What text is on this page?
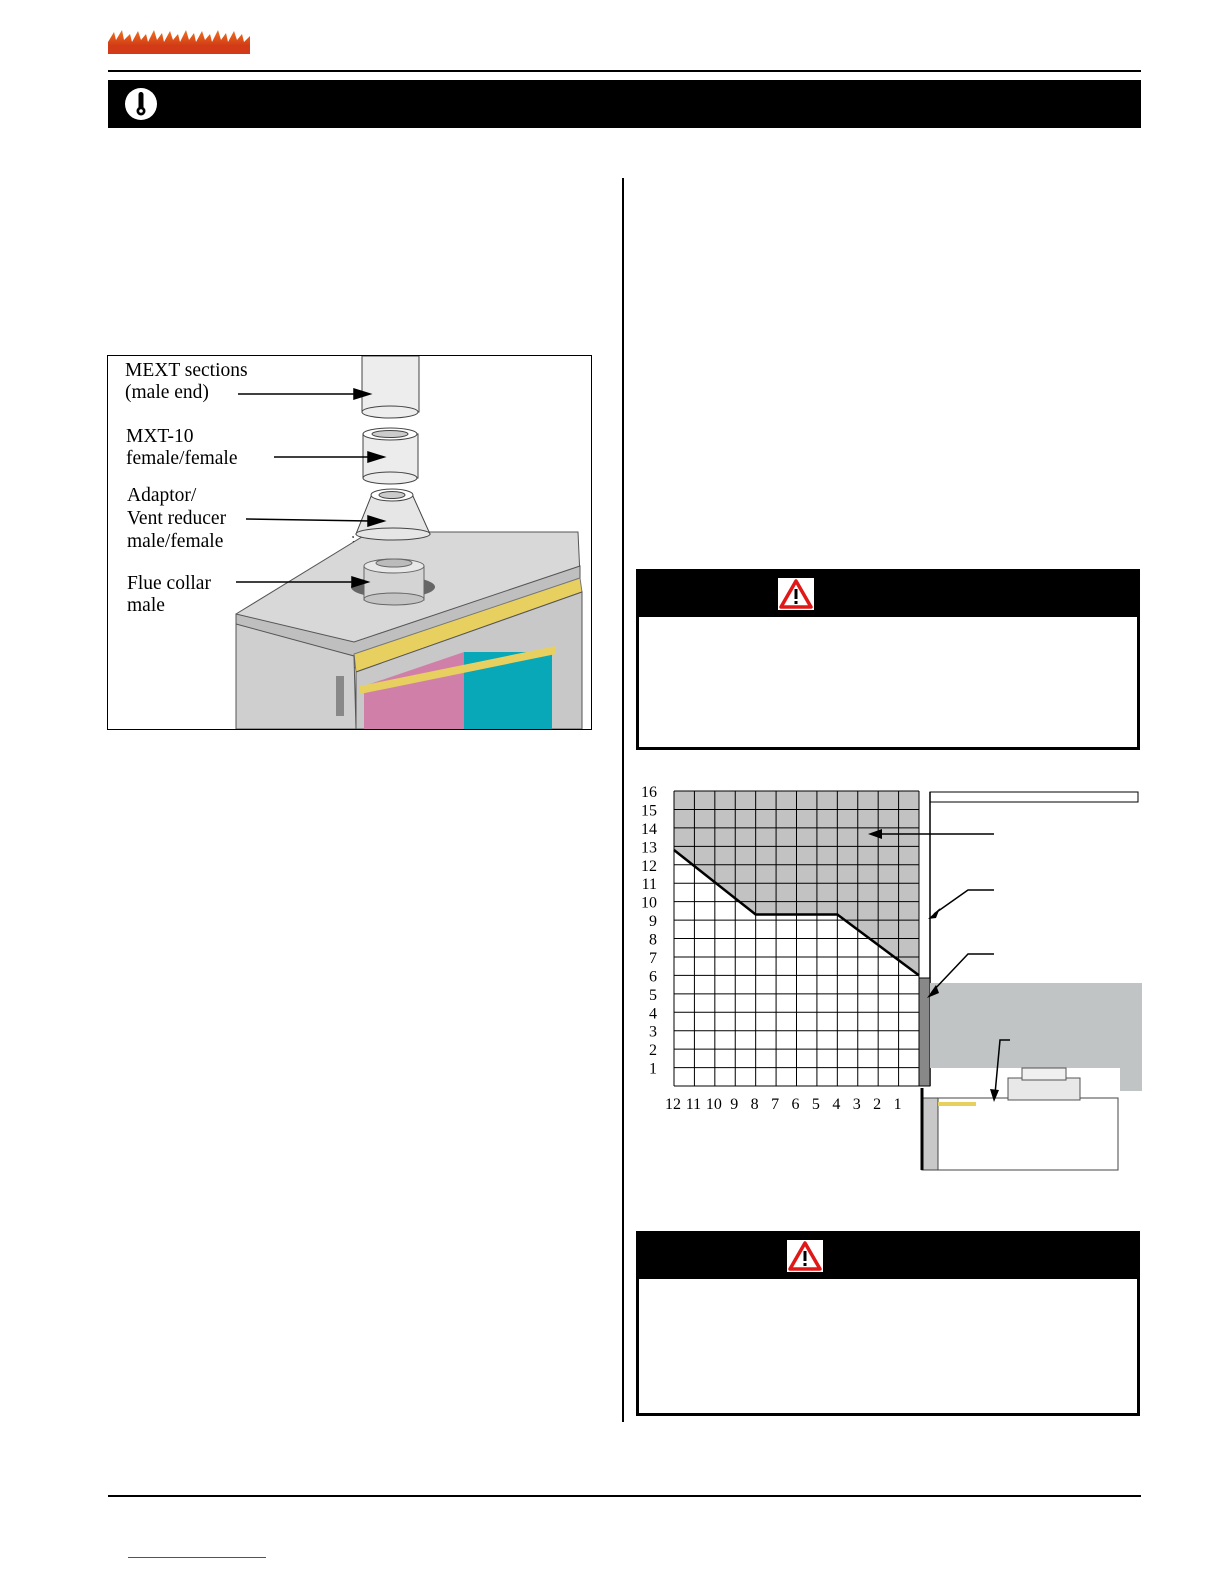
MEXT sections
(male end)
MXT-10
female/female
Adaptor/
Vent reducer
male/female
Flue collar
male
16
15
14
13
12
11
10
9
8
7
6
5
4
3
2
1
12 11 10 9 8 7 6 5 4 3 2 1
